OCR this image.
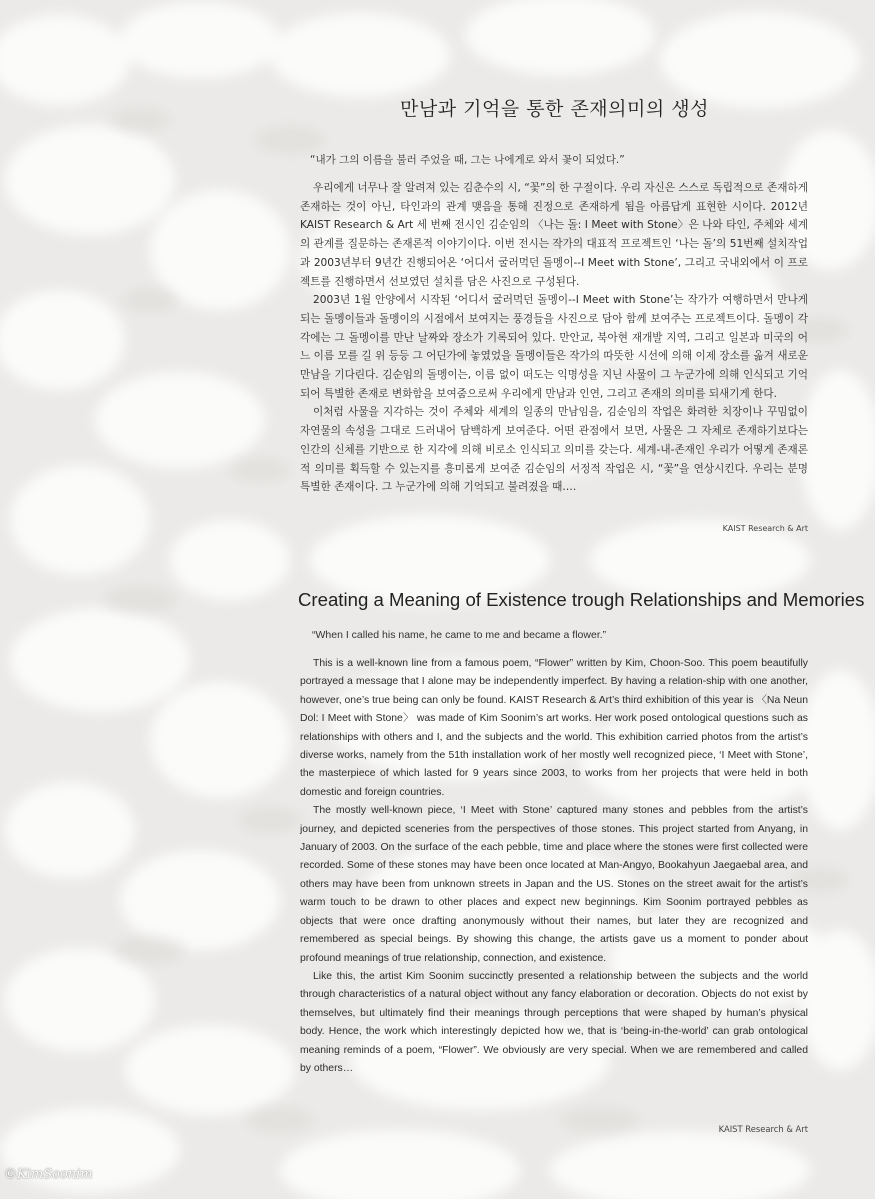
만남과 기억을 통한 존재의미의 생성
“내가 그의 이름을 불러 주었을 때, 그는 나에게로 와서 꽃이 되었다.”

우리에게 너무나 잘 알려져 있는 김춘수의 시, “꽃”의 한 구절이다. 우리 자신은 스스로 독립적으로 존재하게 존재하는 것이 아닌, 타인과의 관계 맺음을 통해 진정으로 존재하게 됨을 아름답게 표현한 시이다. 2012년 KAIST Research & Art 세 번째 전시인 김순임의 〈나는 돌: I Meet with Stone〉은 나와 타인, 주체와 세계의 관계를 질문하는 존재론적 이야기이다. 이번 전시는 작가의 대표적 프로젝트인 ‘나는 돌’의 51번째 설치작업과 2003년부터 9년간 진행되어온 ‘어디서 굴러먹던 돌멩이--I Meet with Stone’, 그리고 국내외에서 이 프로젝트를 진행하면서 선보였던 설치를 담은 사진으로 구성된다.

2003년 1월 안양에서 시작된 ‘어디서 굴러먹던 돌멩이--I Meet with Stone’는 작가가 여행하면서 만나게 되는 돌멩이들과 돌멩이의 시점에서 보여지는 풍경들을 사진으로 담아 함께 보여주는 프로젝트이다. 돌멩이 각각에는 그 돌멩이를 만난 날짜와 장소가 기록되어 있다. 만안교, 북아현 재개발 지역, 그리고 일본과 미국의 어느 이름 모를 길 위 등등 그 어딘가에 놓였었을 돌멩이들은 작가의 따뜻한 시선에 의해 이제 장소를 옮겨 새로운 만남을 기다린다. 김순임의 돌멩이는, 이름 없이 떠도는 익명성을 지닌 사물이 그 누군가에 의해 인식되고 기억되어 특별한 존재로 변화함을 보여줌으로써 우리에게 만남과 인연, 그리고 존재의 의미를 되새기게 한다.

이처럼 사물을 지각하는 것이 주체와 세계의 일종의 만남임을, 김순임의 작업은 화려한 치장이나 꾸밈없이 자연물의 속성을 그대로 드러내어 담백하게 보여준다. 어떤 관점에서 보면, 사물은 그 자체로 존재하기보다는 인간의 신체를 기반으로 한 지각에 의해 비로소 인식되고 의미를 갖는다. 세계-내-존재인 우리가 어떻게 존재론적 의미를 획득할 수 있는지를 흥미롭게 보여준 김순임의 서정적 작업은 시, “꽃”을 연상시킨다. 우리는 분명 특별한 존재이다. 그 누군가에 의해 기억되고 불려졌을 때….

KAIST Research & Art
Creating a Meaning of Existence trough Relationships and Memories
“When I called his name, he came to me and became a flower.”

This is a well-known line from a famous poem, “Flower” written by Kim, Choon-Soo. This poem beautifully portrayed a message that I alone may be independently imperfect. By having a relation-ship with one another, however, one’s true being can only be found. KAIST Research & Art’s third exhibition of this year is 〈Na Neun Dol: I Meet with Stone〉 was made of Kim Soonim’s art works. Her work posed ontological questions such as relationships with others and I, and the subjects and the world. This exhibition carried photos from the artist’s diverse works, namely from the 51th installation work of her mostly well recognized piece, ‘I Meet with Stone’, the masterpiece of which lasted for 9 years since 2003, to works from her projects that were held in both domestic and foreign countries.

The mostly well-known piece, ‘I Meet with Stone’ captured many stones and pebbles from the artist’s journey, and depicted sceneries from the perspectives of those stones. This project started from Anyang, in January of 2003. On the surface of the each pebble, time and place where the stones were first collected were recorded. Some of these stones may have been once located at Man-Angyo, Bookahyun Jaegaebal area, and others may have been from unknown streets in Japan and the US. Stones on the street await for the artist’s warm touch to be drawn to other places and expect new beginnings. Kim Soonim portrayed pebbles as objects that were once drafting anonymously without their names, but later they are recognized and remembered as special beings. By showing this change, the artists gave us a moment to ponder about profound meanings of true relationship, connection, and existence.

Like this, the artist Kim Soonim succinctly presented a relationship between the subjects and the world through characteristics of a natural object without any fancy elaboration or decoration. Objects do not exist by themselves, but ultimately find their meanings through perceptions that were shaped by human’s physical body. Hence, the work which interestingly depicted how we, that is ‘being-in-the-world’ can grab ontological meaning reminds of a poem, “Flower”. We obviously are very special. When we are remembered and called by others…

KAIST Research & Art
©KimSoonim
